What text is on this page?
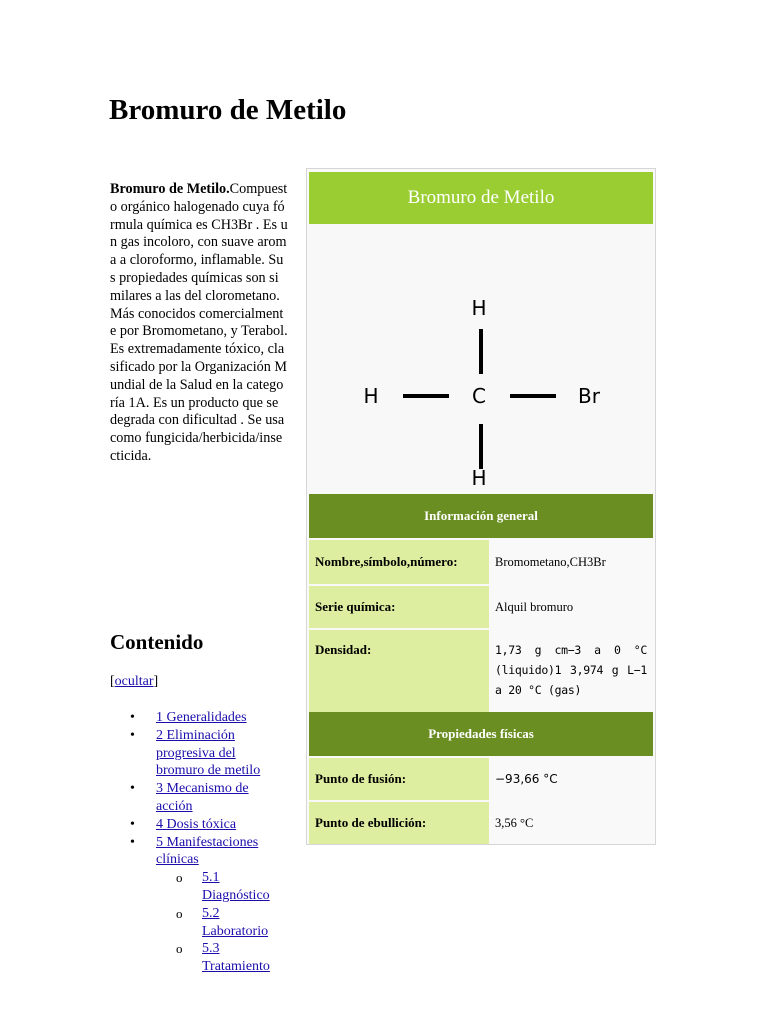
Bromuro de Metilo
Bromuro de Metilo.Compuesto orgánico halogenado cuya fórmula química es CH3Br . Es un gas incoloro, con suave aroma a cloroformo, inflamable. Sus propiedades químicas son similares a las del clorometano. Más conocidos comercialmente por Bromometano, y Terabol. Es extremadamente tóxico, clasificado por la Organización Mundial de la Salud en la categoría 1A. Es un producto que se degrada con dificultad . Se usa como fungicida/herbicida/insecticida.
Contenido
[ocultar]
• 1 Generalidades
• 2 Eliminación progresiva del bromuro de metilo
• 3 Mecanismo de acción
• 4 Dosis tóxica
• 5 Manifestaciones clínicas
o 5.1 Diagnóstico
o 5.2 Laboratorio
o 5.3 Tratamiento
Bromuro de Metilo
H
H	C	Br
H
Información general
Nombre,símbolo,número:	Bromometano,CH3Br
Serie química:	Alquil bromuro
Densidad:	1,73 g cm−3 a 0 °C (liquido)1 3,974 g L−1 a 20 °C (gas)
Propiedades físicas
Punto de fusión:	−93,66 °C
Punto de ebullición:	3,56 °C
